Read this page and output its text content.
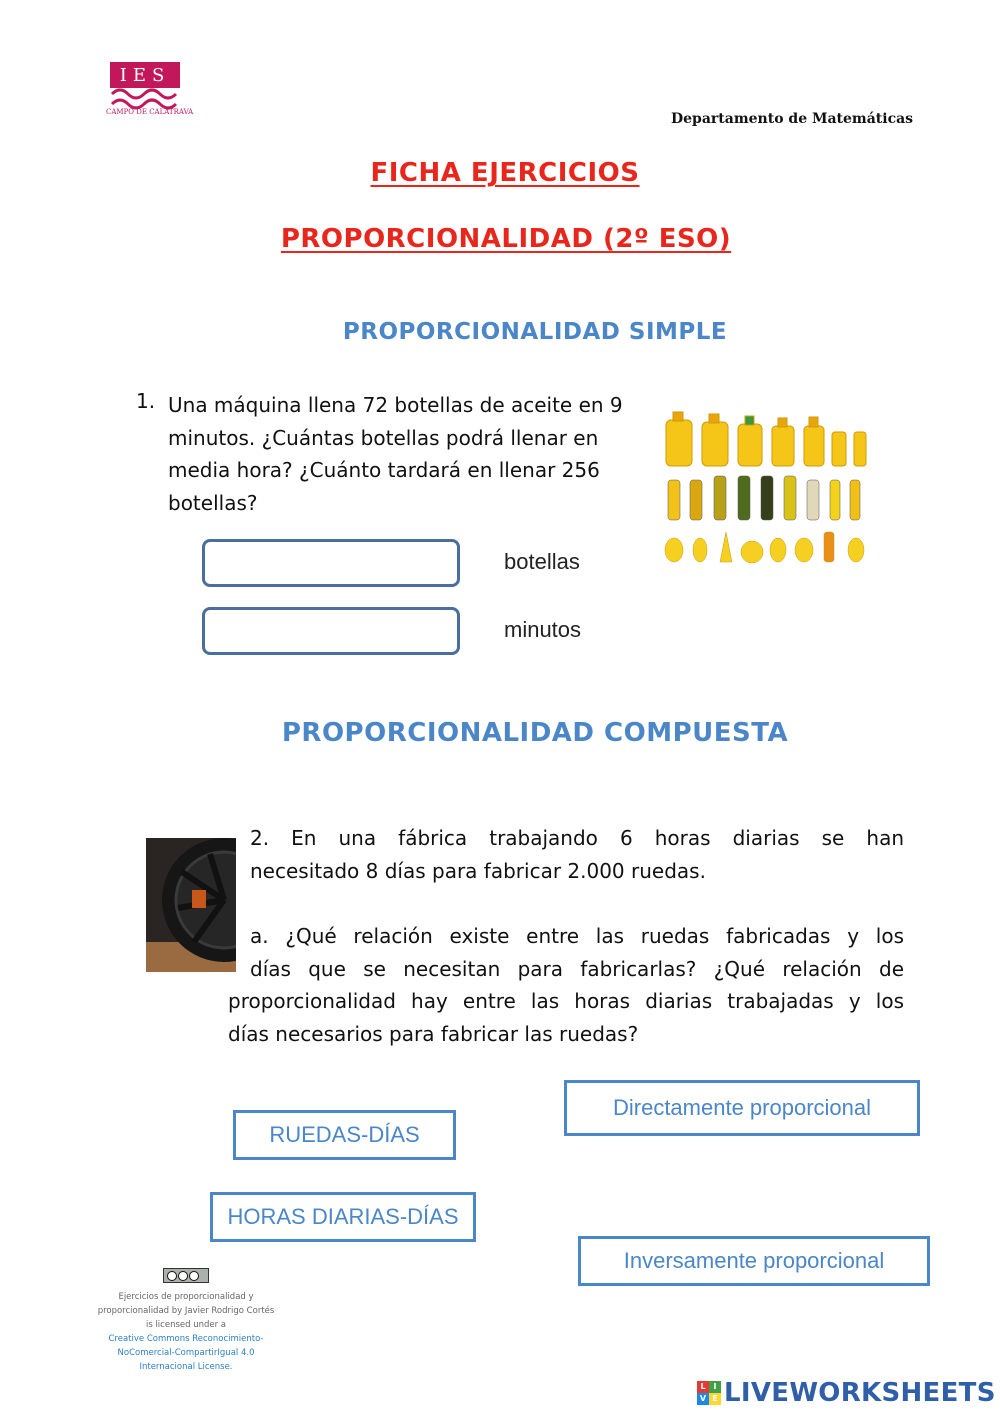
IES
CAMPO DE CALATRAVA	Departamento de Matemáticas
FICHA EJERCICIOS
PROPORCIONALIDAD (2º ESO)
PROPORCIONALIDAD SIMPLE
1. Una máquina llena 72 botellas de aceite en 9 minutos. ¿Cuántas botellas podrá llenar en media hora? ¿Cuánto tardará en llenar 256 botellas?
botellas
minutos
PROPORCIONALIDAD COMPUESTA
2. En una fábrica trabajando 6 horas diarias se han
necesitado 8 días para fabricar 2.000 ruedas.
a. ¿Qué relación existe entre las ruedas fabricadas y los
días que se necesitan para fabricarlas? ¿Qué relación de
proporcionalidad hay entre las horas diarias trabajadas y los
días necesarios para fabricar las ruedas?
Directamente proporcional
RUEDAS-DÍAS
HORAS DIARIAS-DÍAS
Inversamente proporcional
Ejercicios de proporcionalidad y proporcionalidad by Javier Rodrigo Cortés is licensed under a
Creative Commons Reconocimiento-NoComercial-CompartirIgual 4.0 Internacional License.
L I
V E LIVEWORKSHEETS
